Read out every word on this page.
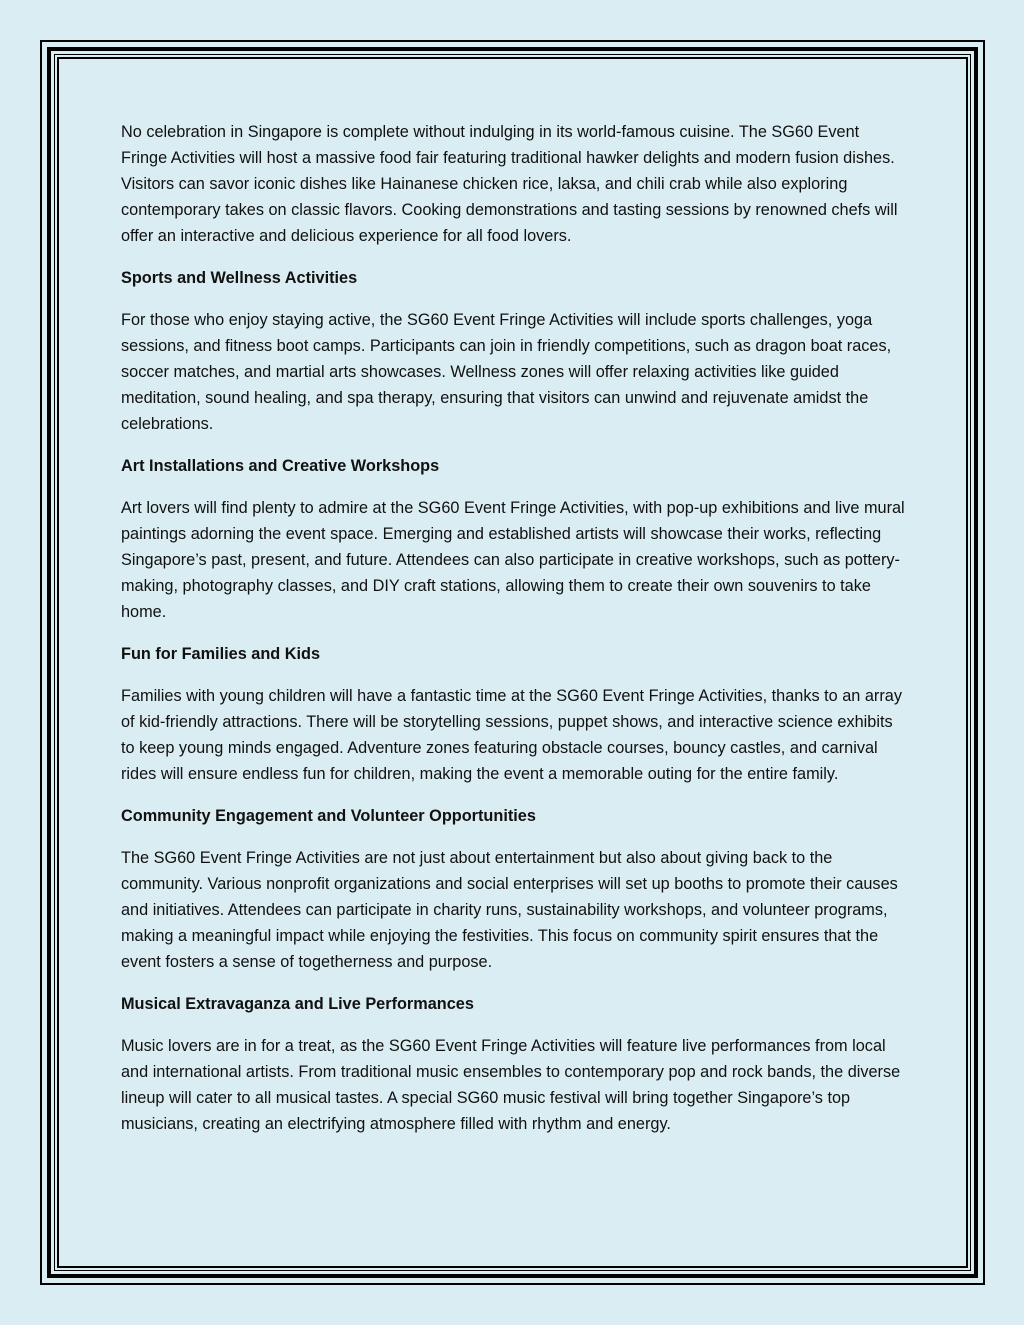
No celebration in Singapore is complete without indulging in its world-famous cuisine. The SG60 Event Fringe Activities will host a massive food fair featuring traditional hawker delights and modern fusion dishes. Visitors can savor iconic dishes like Hainanese chicken rice, laksa, and chili crab while also exploring contemporary takes on classic flavors. Cooking demonstrations and tasting sessions by renowned chefs will offer an interactive and delicious experience for all food lovers.

Sports and Wellness Activities

For those who enjoy staying active, the SG60 Event Fringe Activities will include sports challenges, yoga sessions, and fitness boot camps. Participants can join in friendly competitions, such as dragon boat races, soccer matches, and martial arts showcases. Wellness zones will offer relaxing activities like guided meditation, sound healing, and spa therapy, ensuring that visitors can unwind and rejuvenate amidst the celebrations.

Art Installations and Creative Workshops

Art lovers will find plenty to admire at the SG60 Event Fringe Activities, with pop-up exhibitions and live mural paintings adorning the event space. Emerging and established artists will showcase their works, reflecting Singapore’s past, present, and future. Attendees can also participate in creative workshops, such as pottery-making, photography classes, and DIY craft stations, allowing them to create their own souvenirs to take home.

Fun for Families and Kids

Families with young children will have a fantastic time at the SG60 Event Fringe Activities, thanks to an array of kid-friendly attractions. There will be storytelling sessions, puppet shows, and interactive science exhibits to keep young minds engaged. Adventure zones featuring obstacle courses, bouncy castles, and carnival rides will ensure endless fun for children, making the event a memorable outing for the entire family.

Community Engagement and Volunteer Opportunities

The SG60 Event Fringe Activities are not just about entertainment but also about giving back to the community. Various nonprofit organizations and social enterprises will set up booths to promote their causes and initiatives. Attendees can participate in charity runs, sustainability workshops, and volunteer programs, making a meaningful impact while enjoying the festivities. This focus on community spirit ensures that the event fosters a sense of togetherness and purpose.

Musical Extravaganza and Live Performances

Music lovers are in for a treat, as the SG60 Event Fringe Activities will feature live performances from local and international artists. From traditional music ensembles to contemporary pop and rock bands, the diverse lineup will cater to all musical tastes. A special SG60 music festival will bring together Singapore’s top musicians, creating an electrifying atmosphere filled with rhythm and energy.
